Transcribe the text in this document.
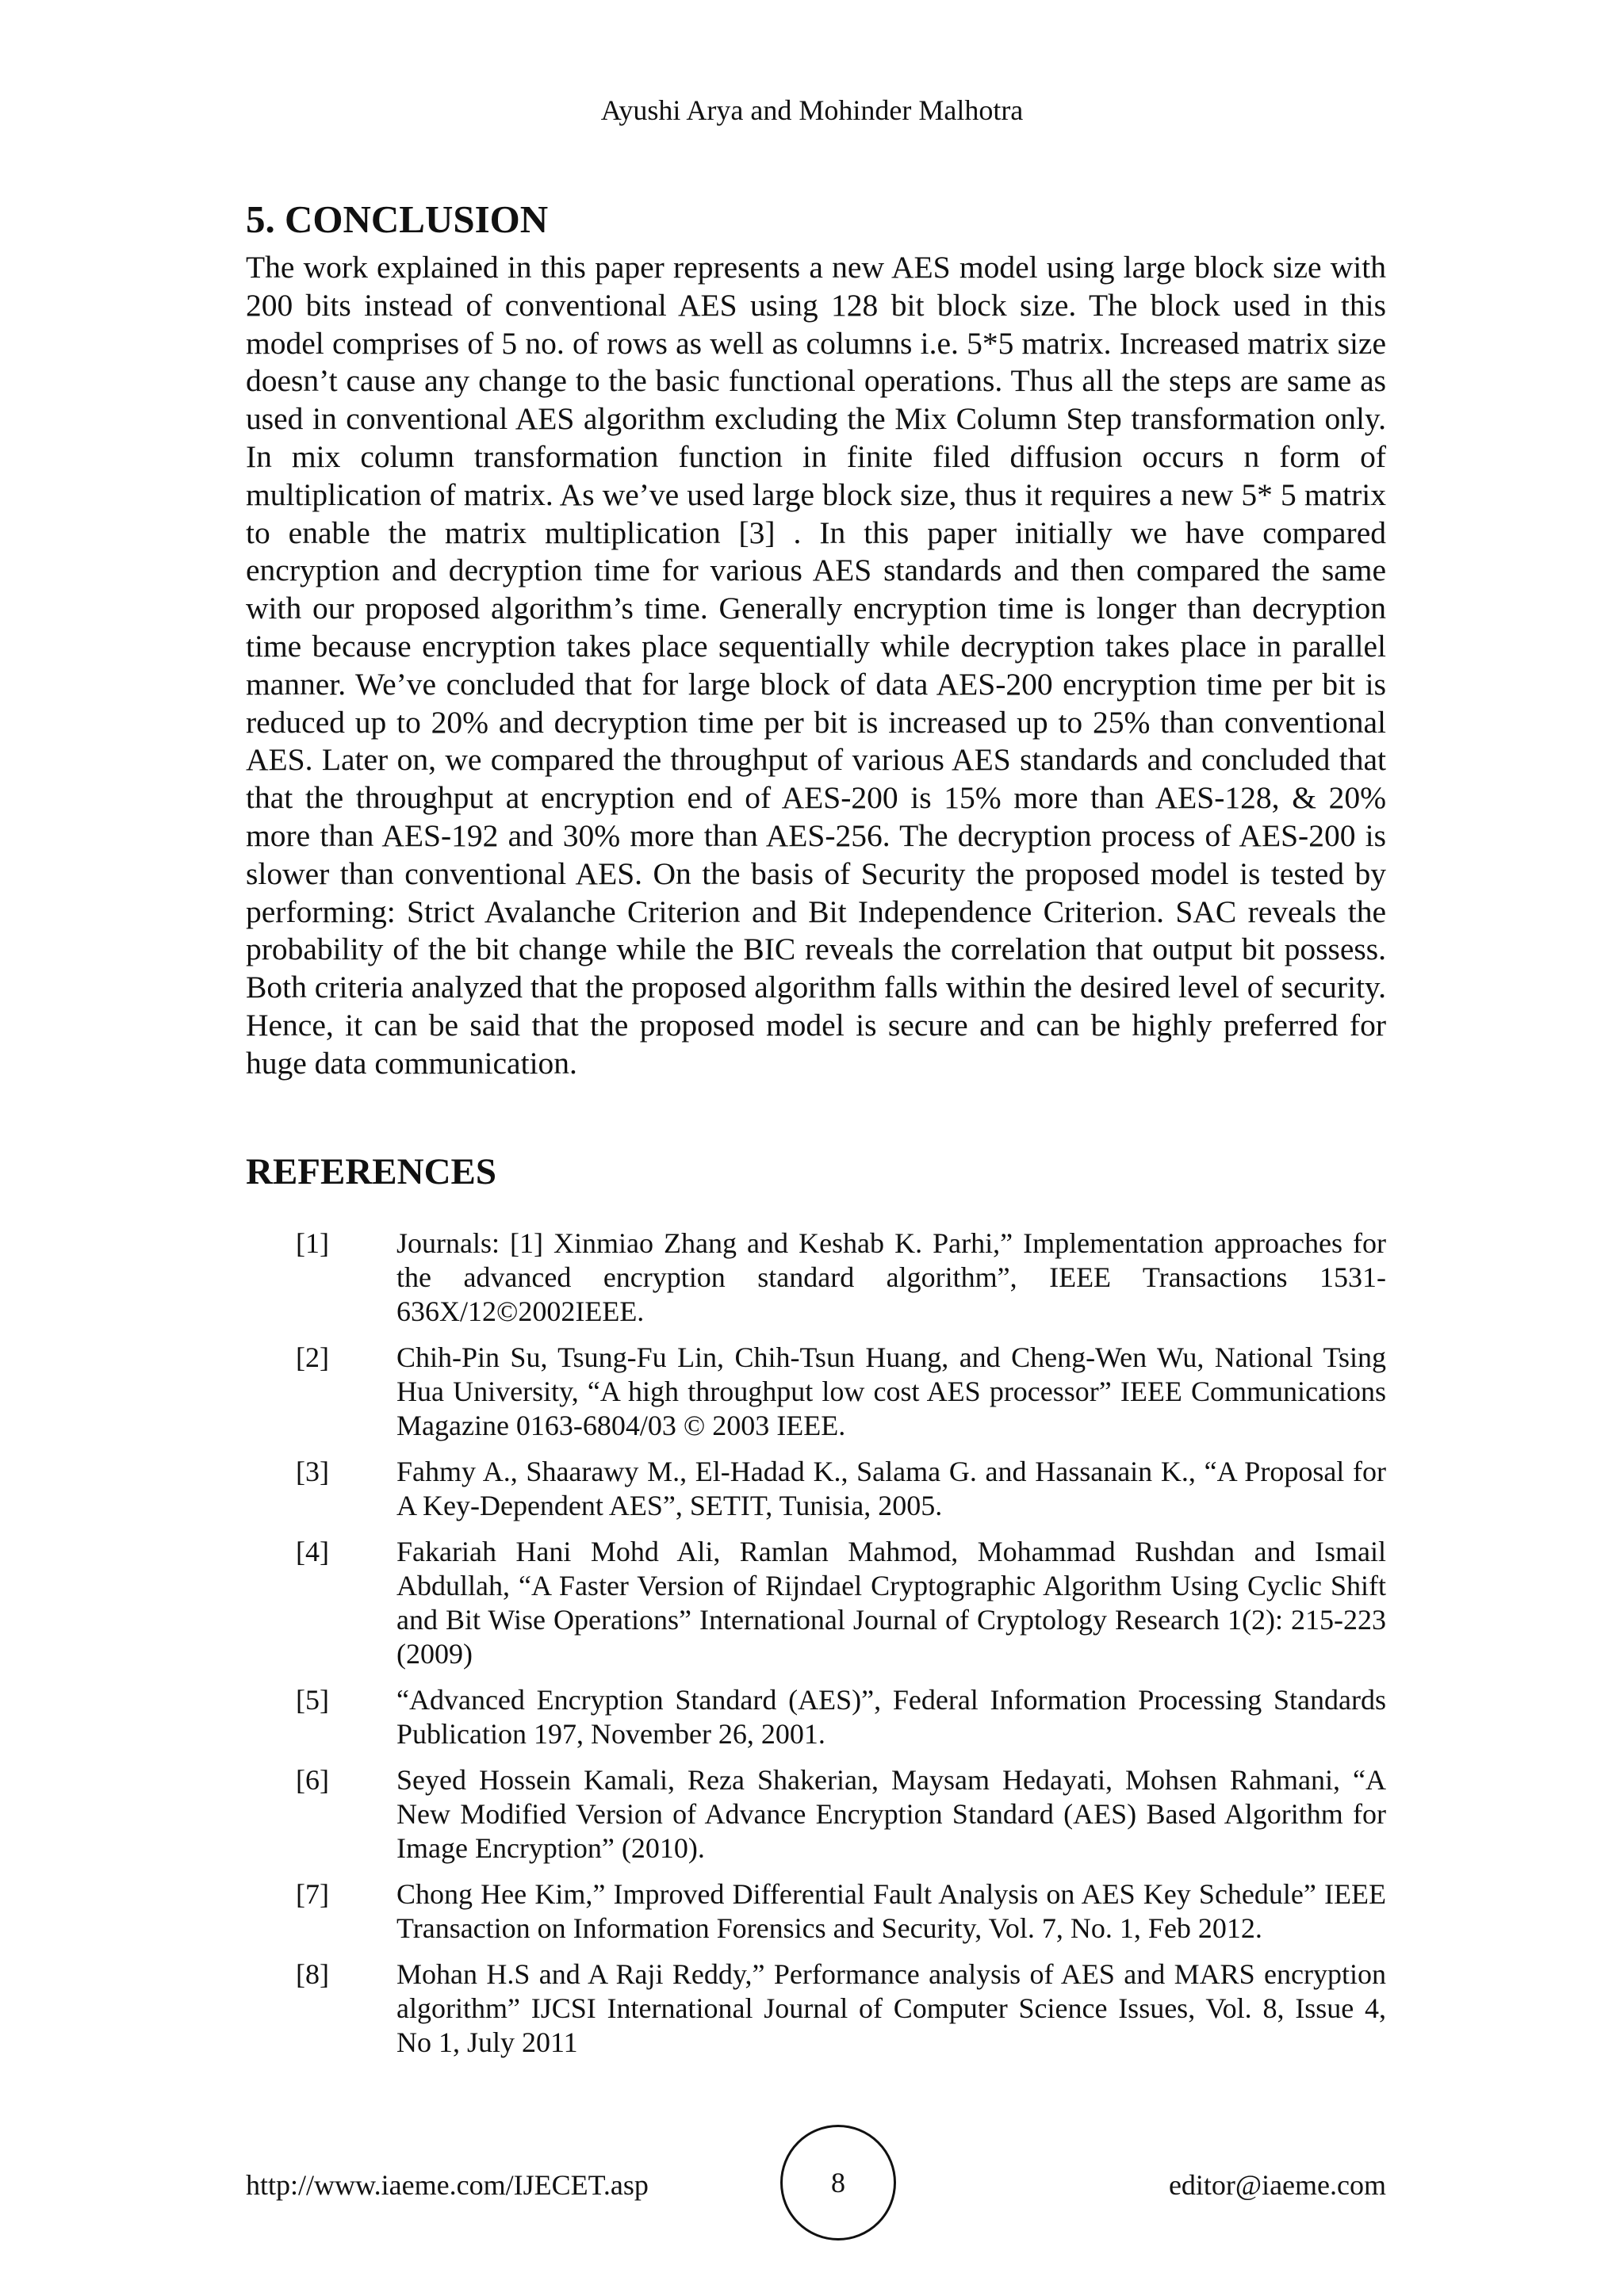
Ayushi Arya and Mohinder Malhotra
5. CONCLUSION

The work explained in this paper represents a new AES model using large block size with 200 bits instead of conventional AES using 128 bit block size. The block used in this model comprises of 5 no. of rows as well as columns i.e. 5*5 matrix. Increased matrix size doesn’t cause any change to the basic functional operations. Thus all the steps are same as used in conventional AES algorithm excluding the Mix Column Step transformation only. In mix column transformation function in finite filed diffusion occurs n form of multiplication of matrix. As we’ve used large block size, thus it requires a new 5* 5 matrix to enable the matrix multiplication [3] . In this paper initially we have compared encryption and decryption time for various AES standards and then compared the same with our proposed algorithm’s time. Generally encryption time is longer than decryption time because encryption takes place sequentially while decryption takes place in parallel manner. We’ve concluded that for large block of data AES-200 encryption time per bit is reduced up to 20% and decryption time per bit is increased up to 25% than conventional AES. Later on, we compared the throughput of various AES standards and concluded that that the throughput at encryption end of AES-200 is 15% more than AES-128, & 20% more than AES-192 and 30% more than AES-256. The decryption process of AES-200 is slower than conventional AES. On the basis of Security the proposed model is tested by performing: Strict Avalanche Criterion and Bit Independence Criterion. SAC reveals the probability of the bit change while the BIC reveals the correlation that output bit possess. Both criteria analyzed that the proposed algorithm falls within the desired level of security. Hence, it can be said that the proposed model is secure and can be highly preferred for huge data communication.

REFERENCES
[1] Journals: [1] Xinmiao Zhang and Keshab K. Parhi,” Implementation approaches for the advanced encryption standard algorithm”, IEEE Transactions 1531-636X/12©2002IEEE.
[2] Chih-Pin Su, Tsung-Fu Lin, Chih-Tsun Huang, and Cheng-Wen Wu, National Tsing Hua University, “A high throughput low cost AES processor” IEEE Communications Magazine 0163-6804/03 © 2003 IEEE.
[3] Fahmy A., Shaarawy M., El-Hadad K., Salama G. and Hassanain K., “A Proposal for A Key-Dependent AES”, SETIT, Tunisia, 2005.
[4] Fakariah Hani Mohd Ali, Ramlan Mahmod, Mohammad Rushdan and Ismail Abdullah, “A Faster Version of Rijndael Cryptographic Algorithm Using Cyclic Shift and Bit Wise Operations” International Journal of Cryptology Research 1(2): 215-223 (2009)
[5] “Advanced Encryption Standard (AES)”, Federal Information Processing Standards Publication 197, November 26, 2001.
[6] Seyed Hossein Kamali, Reza Shakerian, Maysam Hedayati, Mohsen Rahmani, “A New Modified Version of Advance Encryption Standard (AES) Based Algorithm for Image Encryption” (2010).
[7] Chong Hee Kim,” Improved Differential Fault Analysis on AES Key Schedule” IEEE Transaction on Information Forensics and Security, Vol. 7, No. 1, Feb 2012.
[8] Mohan H.S and A Raji Reddy,” Performance analysis of AES and MARS encryption algorithm” IJCSI International Journal of Computer Science Issues, Vol. 8, Issue 4, No 1, July 2011
http://www.iaeme.com/IJECET.asp	8	editor@iaeme.com
